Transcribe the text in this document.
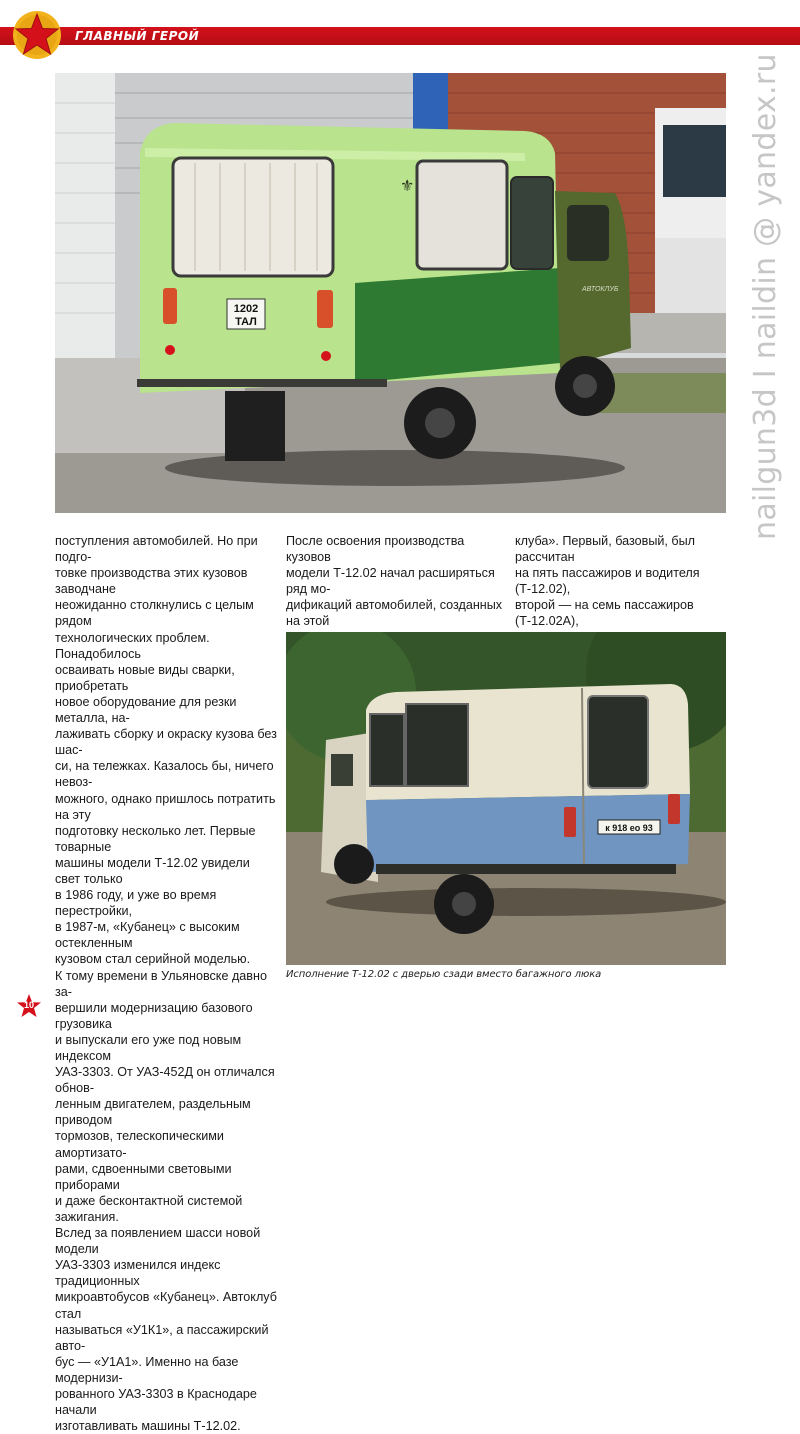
ГЛАВНЫЙ ГЕРОЙ
nailgun3d I naildin @ yandex.ru
1202
ТАЛ
⚜
АВТОКЛУБ

поступления автомобилей. Но при подго-

товке производства этих кузовов заводчане

неожиданно столкнулись с целым рядом

технологических проблем. Понадобилось

осваивать новые виды сварки, приобретать

новое оборудование для резки металла, на-

лаживать сборку и окраску кузова без шас-

си, на тележках. Казалось бы, ничего невоз-

можного, однако пришлось потратить на эту

подготовку несколько лет. Первые товарные

машины модели Т-12.02 увидели свет только

в 1986 году, и уже во время перестройки,

в 1987-м, «Кубанец» с высоким остекленным

кузовом стал серийной моделью.

К тому времени в Ульяновске давно за-

вершили модернизацию базового грузовика

и выпускали его уже под новым индексом

УАЗ-3303. От УАЗ-452Д он отличался обнов-

ленным двигателем, раздельным приводом

тормозов, телескопическими амортизато-

рами, сдвоенными световыми приборами

и даже бесконтактной системой зажигания.

Вслед за появлением шасси новой модели

УАЗ-3303 изменился индекс традиционных

микроавтобусов «Кубанец». Автоклуб стал

называться «У1К1», а пассажирский авто-

бус — «У1А1». Именно на базе модернизи-

рованного УАЗ-3303 в Краснодаре начали

изготавливать машины Т-12.02.

После освоения производства кузовов

модели Т-12.02 начал расширяться ряд мо-

дификаций автомобилей, созданных на этой

клуба». Первый, базовый, был рассчитан

на пять пассажиров и водителя (Т-12.02),

второй — на семь пассажиров (Т-12.02А),

к 918 ео 93
Исполнение Т-12.02 с дверью сзади вместо багажного люка
10
